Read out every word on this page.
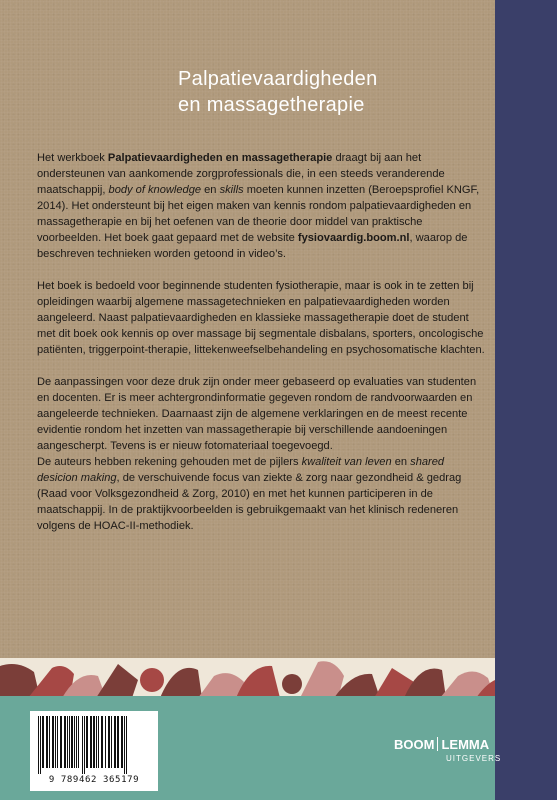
Palpatievaardigheden
en massagetherapie

Het werkboek Palpatievaardigheden en massagetherapie draagt bij aan het ondersteunen van aankomende zorgprofessionals die, in een steeds veranderende maatschappij, body of knowledge en skills moeten kunnen inzetten (Beroepsprofiel KNGF, 2014). Het ondersteunt bij het eigen maken van kennis rondom palpatievaardigheden en massagetherapie en bij het oefenen van de theorie door middel van praktische voorbeelden. Het boek gaat gepaard met de website fysiovaardig.boom.nl, waarop de beschreven technieken worden getoond in video’s.

Het boek is bedoeld voor beginnende studenten fysiotherapie, maar is ook in te zetten bij opleidingen waarbij algemene massagetechnieken en palpatievaardigheden worden aangeleerd. Naast palpatievaardigheden en klassieke massagetherapie doet de student met dit boek ook kennis op over massage bij segmentale disbalans, sporters, oncologische patiënten, triggerpoint-therapie, littekenweefselbehandeling en psychosomatische klachten.

De aanpassingen voor deze druk zijn onder meer gebaseerd op evaluaties van studenten en docenten. Er is meer achtergrondinformatie gegeven rondom de randvoorwaarden en aangeleerde technieken. Daarnaast zijn de algemene verklaringen en de meest recente evidentie rondom het inzetten van massagetherapie bij verschillende aandoeningen aangescherpt. Tevens is er nieuw fotomateriaal toegevoegd.

De auteurs hebben rekening gehouden met de pijlers kwaliteit van leven en shared desicion making, de verschuivende focus van ziekte & zorg naar gezondheid & gedrag (Raad voor Volksgezondheid & Zorg, 2010) en met het kunnen participeren in de maatschappij. In de praktijkvoorbeelden is gebruikgemaakt van het klinisch redeneren volgens de HOAC-II-methodiek.

9 789462 365179
BOOM LEMMA
UITGEVERS
